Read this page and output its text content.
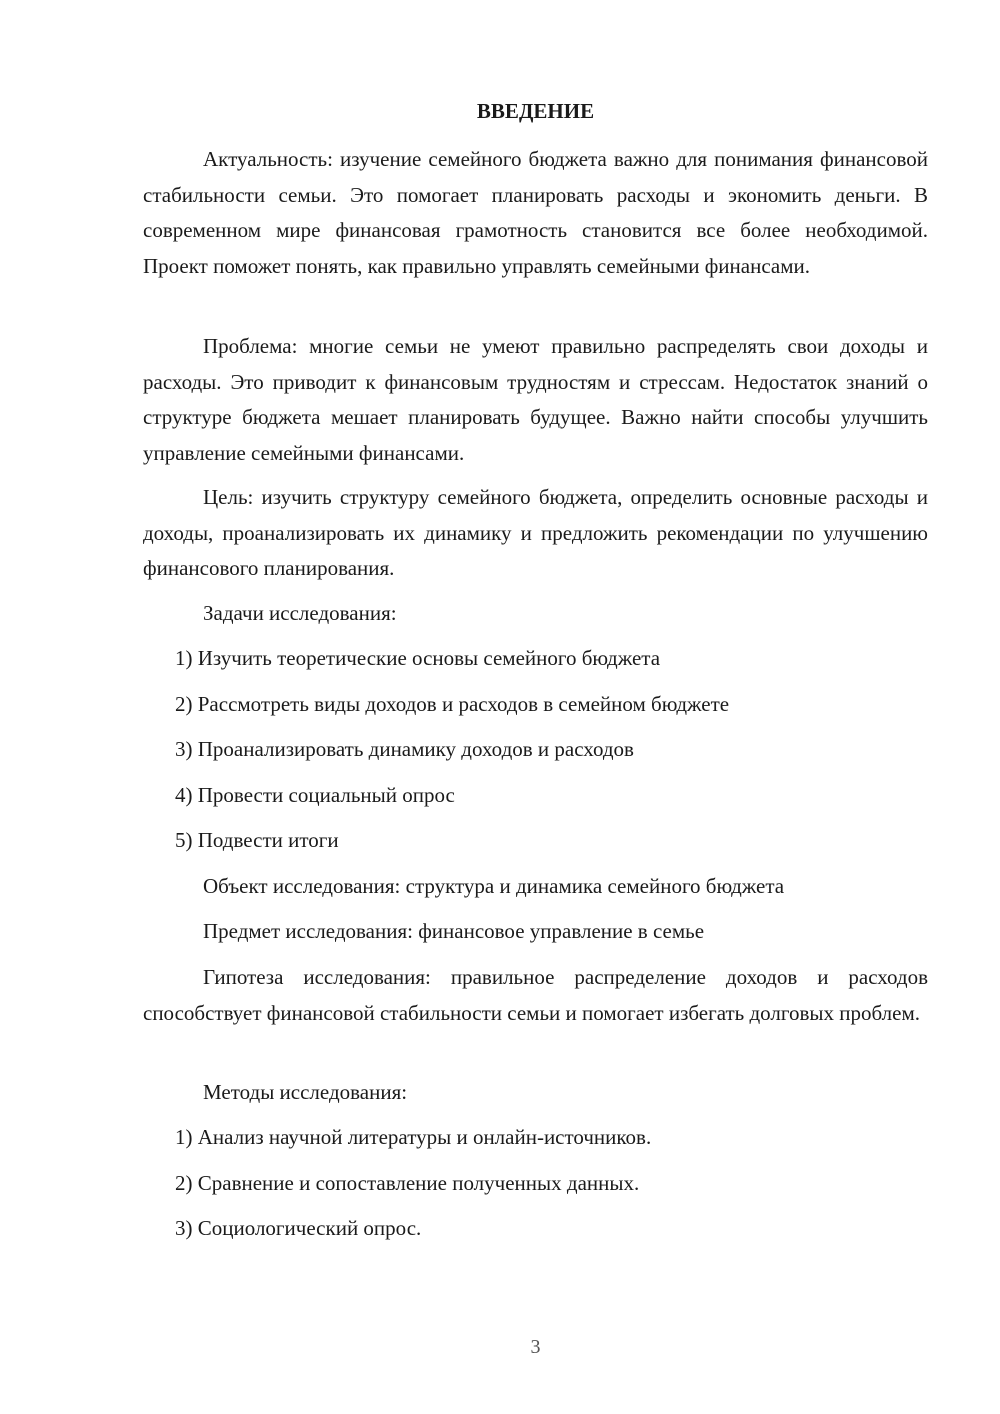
ВВЕДЕНИЕ

Актуальность: изучение семейного бюджета важно для понимания финансовой стабильности семьи. Это помогает планировать расходы и экономить деньги. В современном мире финансовая грамотность становится все более необходимой. Проект поможет понять, как правильно управлять семейными финансами.

Проблема: многие семьи не умеют правильно распределять свои доходы и расходы. Это приводит к финансовым трудностям и стрессам. Недостаток знаний о структуре бюджета мешает планировать будущее. Важно найти способы улучшить управление семейными финансами.

Цель: изучить структуру семейного бюджета, определить основные расходы и доходы, проанализировать их динамику и предложить рекомендации по улучшению финансового планирования.

Задачи исследования:
1) Изучить теоретические основы семейного бюджета
2) Рассмотреть виды доходов и расходов в семейном бюджете
3) Проанализировать динамику доходов и расходов
4) Провести социальный опрос
5) Подвести итоги
Объект исследования: структура и динамика семейного бюджета
Предмет исследования: финансовое управление в семье

Гипотеза исследования: правильное распределение доходов и расходов способствует финансовой стабильности семьи и помогает избегать долговых проблем.

Методы исследования:
1) Анализ научной литературы и онлайн-источников.
2) Сравнение и сопоставление полученных данных.
3) Социологический опрос.
3
